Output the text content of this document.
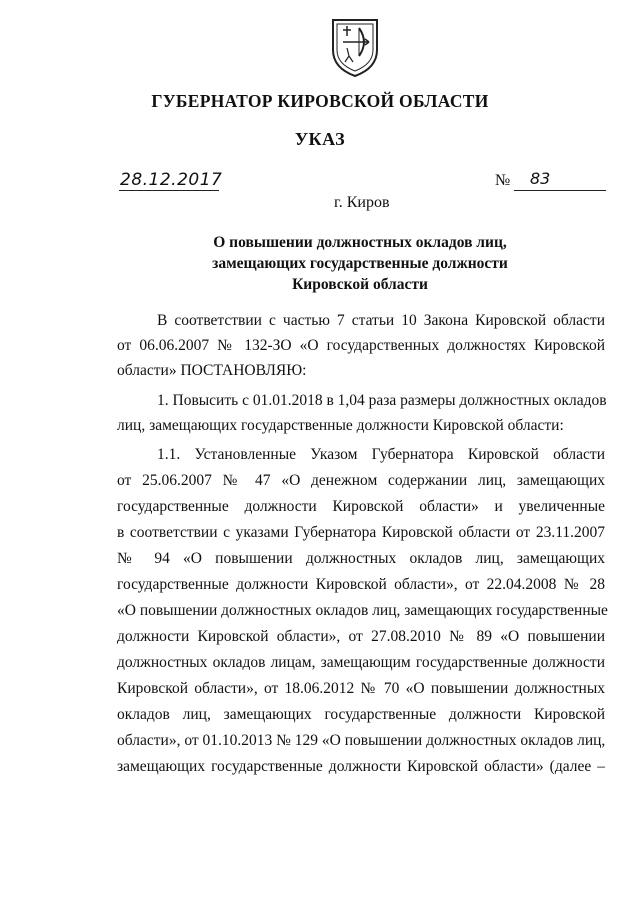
ГУБЕРНАТОР КИРОВСКОЙ ОБЛАСТИ
УКАЗ
28.12.2017	№ 83
г. Киров
О повышении должностных окладов лиц,
замещающих государственные должности
Кировской области
В соответствии с частью 7 статьи 10 Закона Кировской области
от 06.06.2007 № 132-ЗО «О государственных должностях Кировской
области» ПОСТАНОВЛЯЮ:
1. Повысить с 01.01.2018 в 1,04 раза размеры должностных окладов
лиц, замещающих государственные должности Кировской области:
1.1. Установленные Указом Губернатора Кировской области
от 25.06.2007 № 47 «О денежном содержании лиц, замещающих
государственные должности Кировской области» и увеличенные
в соответствии с указами Губернатора Кировской области от 23.11.2007
№ 94 «О повышении должностных окладов лиц, замещающих
государственные должности Кировской области», от 22.04.2008 № 28
«О повышении должностных окладов лиц, замещающих государственные
должности Кировской области», от 27.08.2010 № 89 «О повышении
должностных окладов лицам, замещающим государственные должности
Кировской области», от 18.06.2012 № 70 «О повышении должностных
окладов лиц, замещающих государственные должности Кировской
области», от 01.10.2013 № 129 «О повышении должностных окладов лиц,
замещающих государственные должности Кировской области» (далее –
